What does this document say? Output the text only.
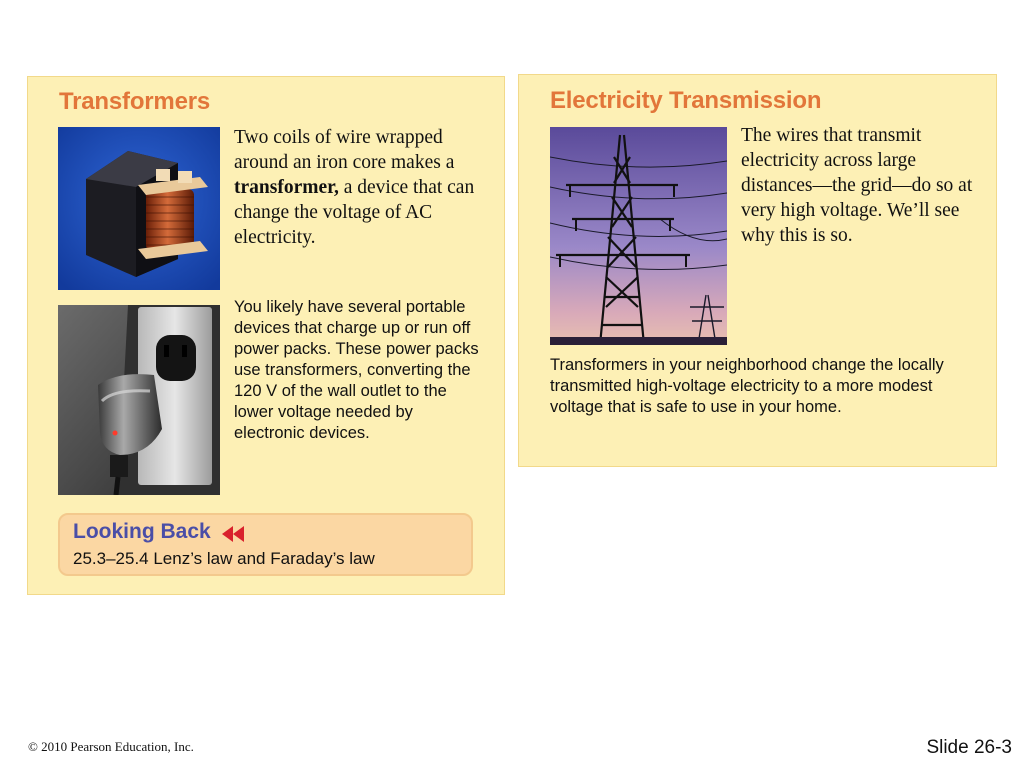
Transformers

Two coils of wire wrapped around an iron core makes a transformer, a device that can change the voltage of AC electricity.

You likely have several portable devices that charge up or run off power packs. These power packs use transformers, converting the 120 V of the wall outlet to the lower voltage needed by electronic devices.

Looking Back

25.3–25.4 Lenz’s law and Faraday’s law

Electricity Transmission

The wires that transmit electricity across large distances—the grid—do so at very high voltage. We’ll see why this is so.

Transformers in your neighborhood change the locally transmitted high-voltage electricity to a more modest voltage that is safe to use in your home.

© 2010 Pearson Education, Inc.	Slide 26-3
